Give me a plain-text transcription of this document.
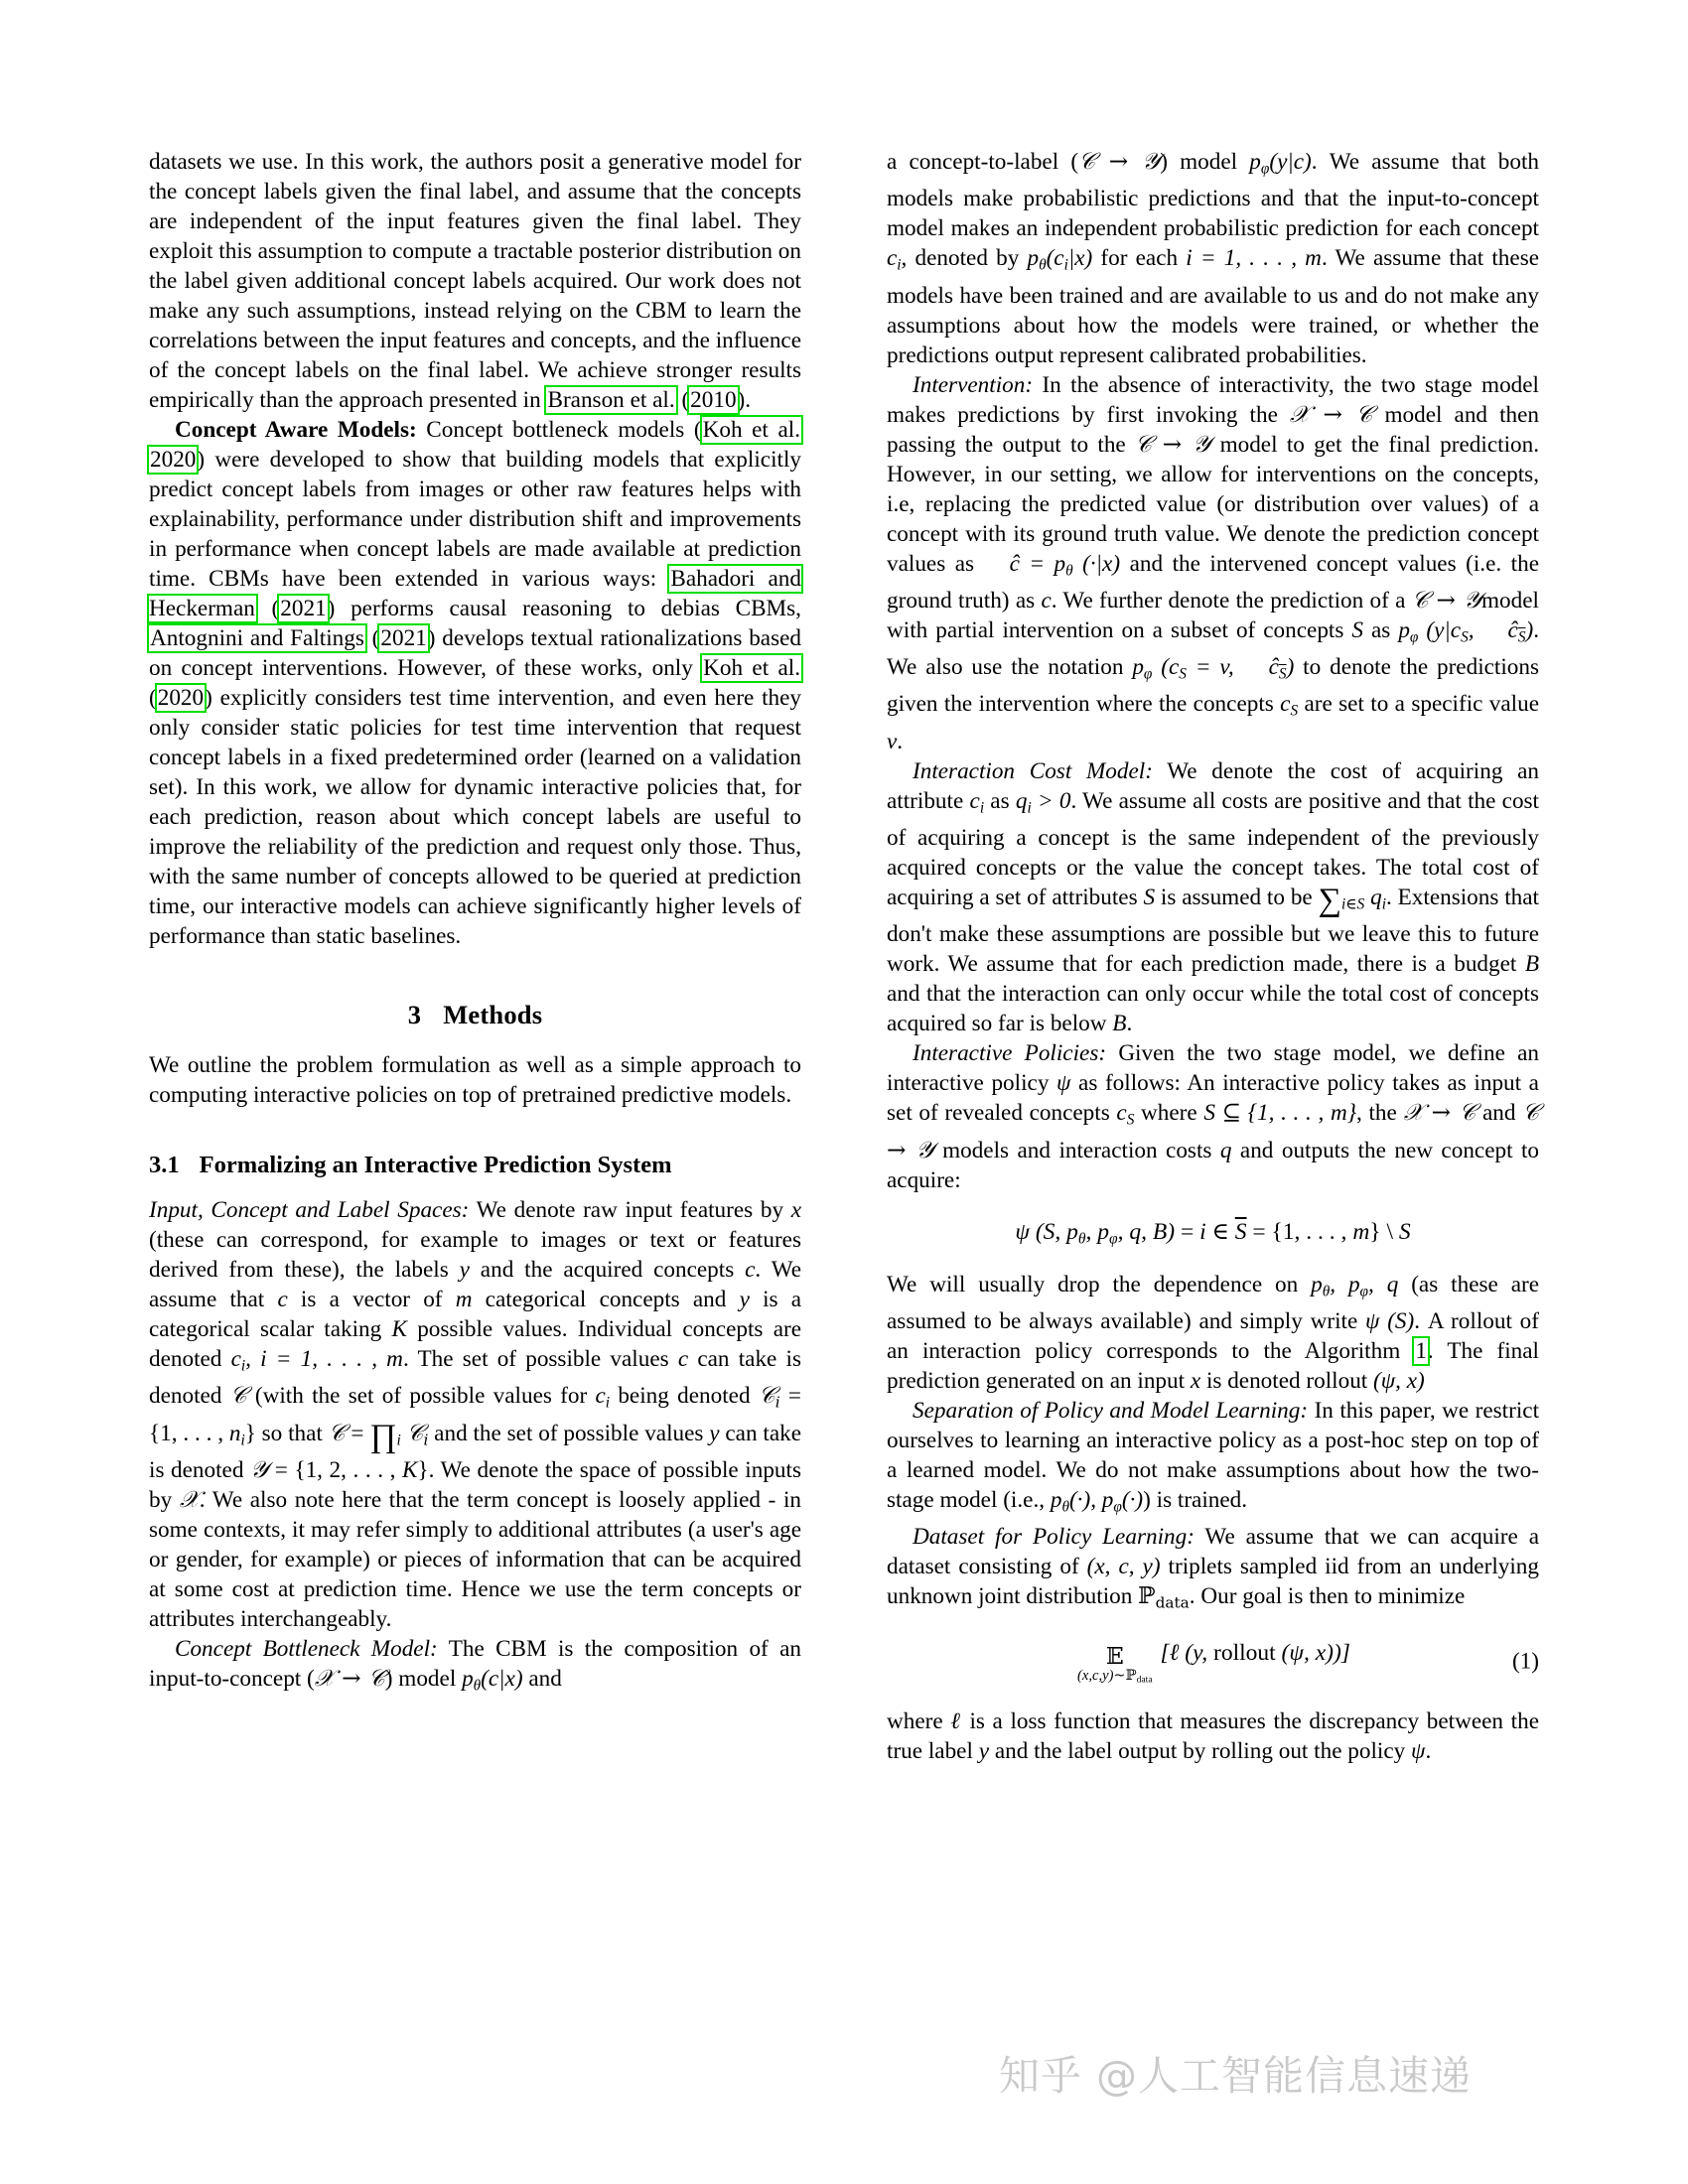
datasets we use. In this work, the authors posit a generative model for the concept labels given the final label, and assume that the concepts are independent of the input features given the final label. They exploit this assumption to compute a tractable posterior distribution on the label given additional concept labels acquired. Our work does not make any such assumptions, instead relying on the CBM to learn the correlations between the input features and concepts, and the influence of the concept labels on the final label. We achieve stronger results empirically than the approach presented in Branson et al. (2010).

Concept Aware Models: Concept bottleneck models (Koh et al. 2020) were developed to show that building models that explicitly predict concept labels from images or other raw features helps with explainability, performance under distribution shift and improvements in performance when concept labels are made available at prediction time. CBMs have been extended in various ways: Bahadori and Heckerman (2021) performs causal reasoning to debias CBMs, Antognini and Faltings (2021) develops textual rationalizations based on concept interventions. However, of these works, only Koh et al. (2020) explicitly considers test time intervention, and even here they only consider static policies for test time intervention that request concept labels in a fixed predetermined order (learned on a validation set). In this work, we allow for dynamic interactive policies that, for each prediction, reason about which concept labels are useful to improve the reliability of the prediction and request only those. Thus, with the same number of concepts allowed to be queried at prediction time, our interactive models can achieve significantly higher levels of performance than static baselines.

3 Methods

We outline the problem formulation as well as a simple approach to computing interactive policies on top of pretrained predictive models.

3.1 Formalizing an Interactive Prediction System

Input, Concept and Label Spaces: We denote raw input features by x (these can correspond, for example to images or text or features derived from these), the labels y and the acquired concepts c. We assume that c is a vector of m categorical concepts and y is a categorical scalar taking K possible values. Individual concepts are denoted $c_i$, i = 1, . . . , m. The set of possible values c can take is denoted 𝒞 (with the set of possible values for $c_i$ being denoted 𝒞$_i$ = {1, . . . , $n_i$} so that 𝒞 = $\prod_i$ 𝒞$_i$ and the set of possible values y can take is denoted 𝒴 = {1, 2, . . . , K}. We denote the space of possible inputs by 𝒳. We also note here that the term concept is loosely applied - in some contexts, it may refer simply to additional attributes (a user's age or gender, for example) or pieces of information that can be acquired at some cost at prediction time. Hence we use the term concepts or attributes interchangeably.

Concept Bottleneck Model: The CBM is the composition of an input-to-concept (𝒳 → 𝒞) model $p_\theta(c|x)$ and

a concept-to-label (𝒞 → 𝒴) model $p_\varphi(y|c)$. We assume that both models make probabilistic predictions and that the input-to-concept model makes an independent probabilistic prediction for each concept $c_i$, denoted by $p_\theta(c_i|x)$ for each i = 1, . . . , m. We assume that these models have been trained and are available to us and do not make any assumptions about how the models were trained, or whether the predictions output represent calibrated probabilities.

Intervention: In the absence of interactivity, the two stage model makes predictions by first invoking the 𝒳 → 𝒞 model and then passing the output to the 𝒞 → 𝒴 model to get the final prediction. However, in our setting, we allow for interventions on the concepts, i.e, replacing the predicted value (or distribution over values) of a concept with its ground truth value. We denote the prediction concept values as ĉ = $p_\theta$ (·|x) and the intervened concept values (i.e. the ground truth) as c. We further denote the prediction of a 𝒞 → 𝒴model with partial intervention on a subset of concepts S as $p_\varphi$ ($y|c_S$, $ĉ_{\overline{S}}$). We also use the notation $p_\varphi$ ($c_S = v$, $ĉ_{\overline{S}}$) to denote the predictions given the intervention where the concepts $c_S$ are set to a specific value v.

Interaction Cost Model: We denote the cost of acquiring an attribute $c_i$ as $q_i > 0$. We assume all costs are positive and that the cost of acquiring a concept is the same independent of the previously acquired concepts or the value the concept takes. The total cost of acquiring a set of attributes S is assumed to be $\sum_{i\in S}$ $q_i$. Extensions that don't make these assumptions are possible but we leave this to future work. We assume that for each prediction made, there is a budget B and that the interaction can only occur while the total cost of concepts acquired so far is below B.

Interactive Policies: Given the two stage model, we define an interactive policy ψ as follows: An interactive policy takes as input a set of revealed concepts $c_S$ where S ⊆ {1, . . . , m}, the 𝒳 → 𝒞 and 𝒞 → 𝒴 models and interaction costs q and outputs the new concept to acquire:

ψ (S, $p_\theta$, $p_\varphi$, q, B) = i ∈ $\overline{S} = \{1$, . . . , m} \ S

We will usually drop the dependence on $p_\theta$, $p_\varphi$, q (as these are assumed to be always available) and simply write ψ (S). A rollout of an interaction policy corresponds to the Algorithm 1. The final prediction generated on an input x is denoted rollout (ψ, x)

Separation of Policy and Model Learning: In this paper, we restrict ourselves to learning an interactive policy as a post-hoc step on top of a learned model. We do not make assumptions about how the two-stage model (i.e., $p_\theta(\cdot)$, $p_\varphi(\cdot)$) is trained.

Dataset for Policy Learning: We assume that we can acquire a dataset consisting of (x, c, y) triplets sampled iid from an underlying unknown joint distribution ℙdata. Our goal is then to minimize

𝔼
(x,c,y)∼ℙdata
[ℓ (y, rollout (ψ, x))]	(1)

where ℓ is a loss function that measures the discrepancy between the true label y and the label output by rolling out the policy ψ.

知乎 @人工智能信息速递
